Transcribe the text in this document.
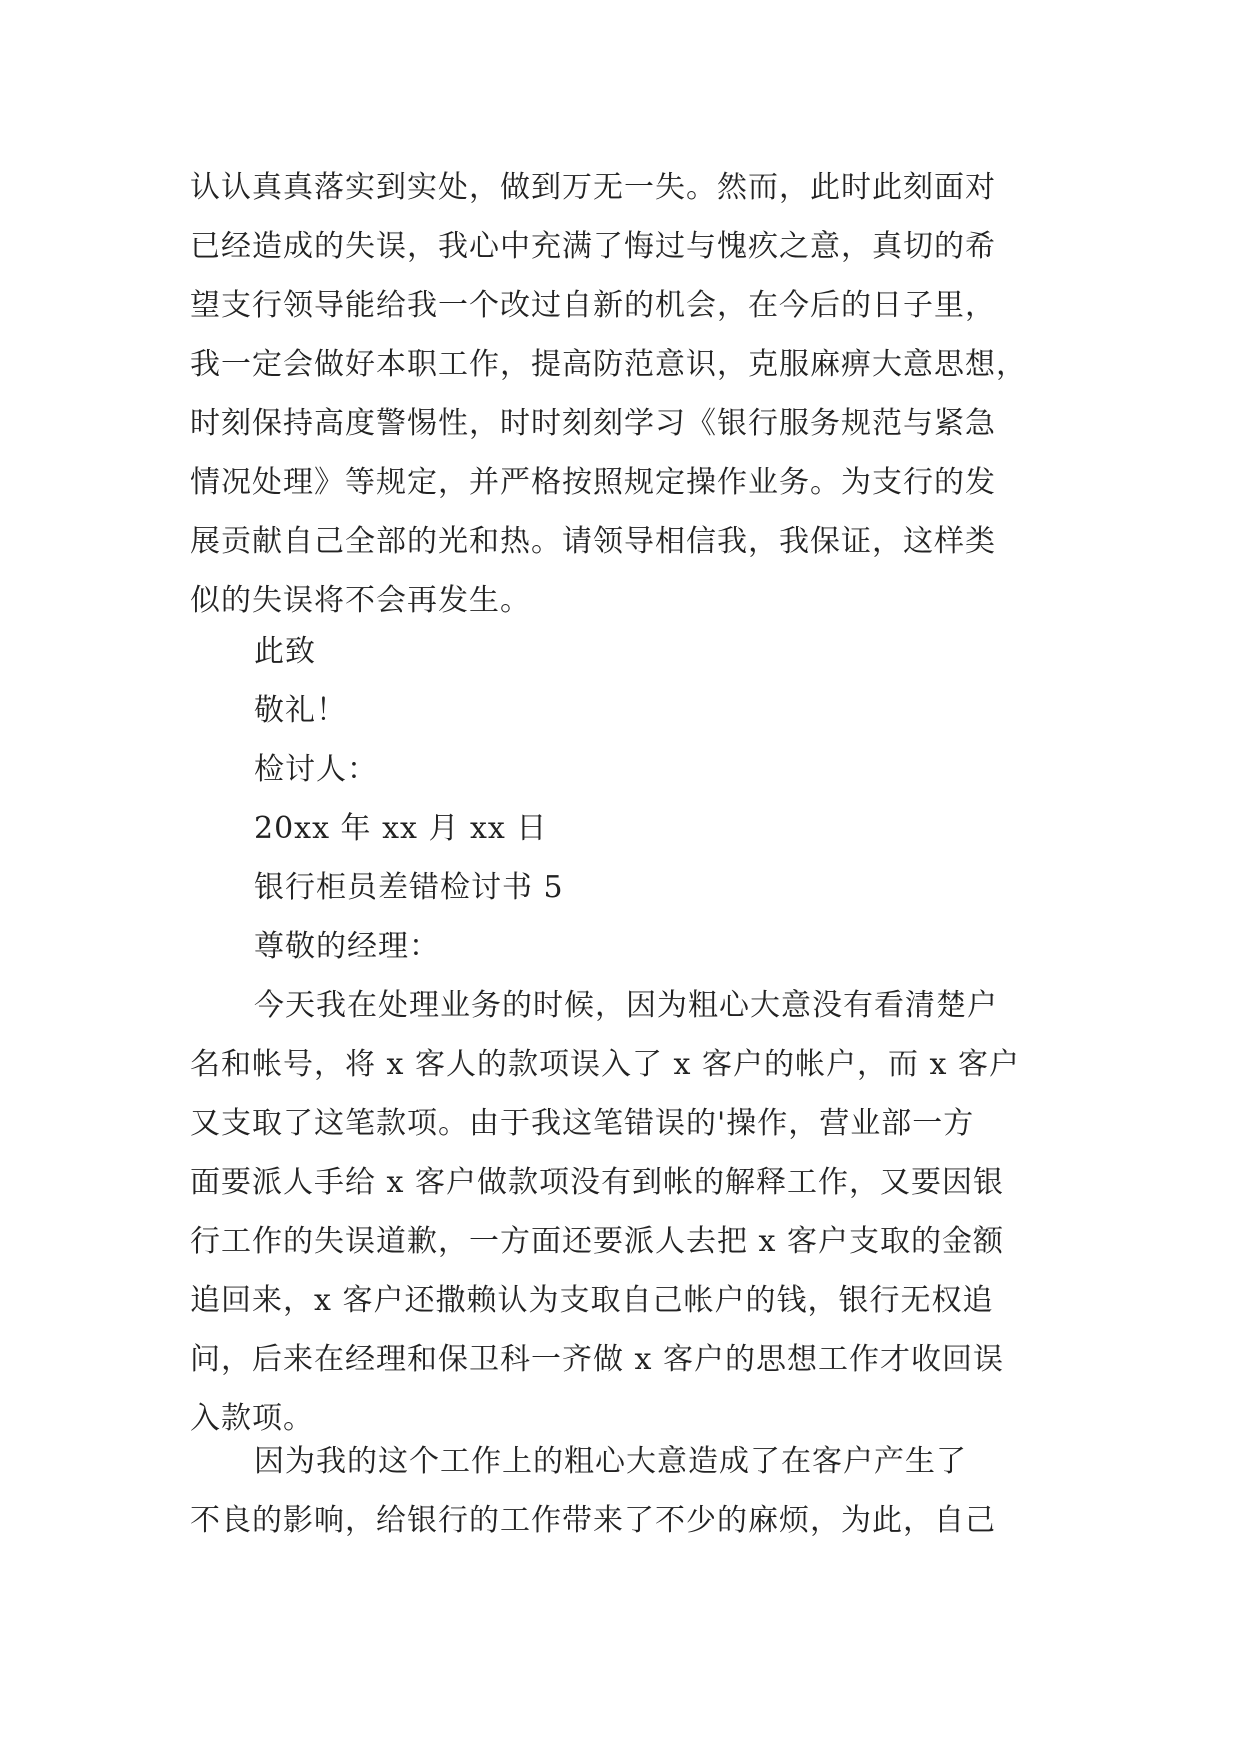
认认真真落实到实处，做到万无一失。然而，此时此刻面对
已经造成的失误，我心中充满了悔过与愧疚之意，真切的希
望支行领导能给我一个改过自新的机会，在今后的日子里，
我一定会做好本职工作，提高防范意识，克服麻痹大意思想，
时刻保持高度警惕性，时时刻刻学习《银行服务规范与紧急
情况处理》等规定，并严格按照规定操作业务。为支行的发
展贡献自己全部的光和热。请领导相信我，我保证，这样类
似的失误将不会再发生。
此致
敬礼！
检讨人：
20xx 年 xx 月 xx 日
银行柜员差错检讨书 5
尊敬的经理：
今天我在处理业务的时候，因为粗心大意没有看清楚户
名和帐号，将 x 客人的款项误入了 x 客户的帐户，而 x 客户
又支取了这笔款项。由于我这笔错误的'操作，营业部一方
面要派人手给 x 客户做款项没有到帐的解释工作，又要因银
行工作的失误道歉，一方面还要派人去把 x 客户支取的金额
追回来，x 客户还撒赖认为支取自己帐户的钱，银行无权追
问，后来在经理和保卫科一齐做 x 客户的思想工作才收回误
入款项。
因为我的这个工作上的粗心大意造成了在客户产生了
不良的影响，给银行的工作带来了不少的麻烦，为此，自己
